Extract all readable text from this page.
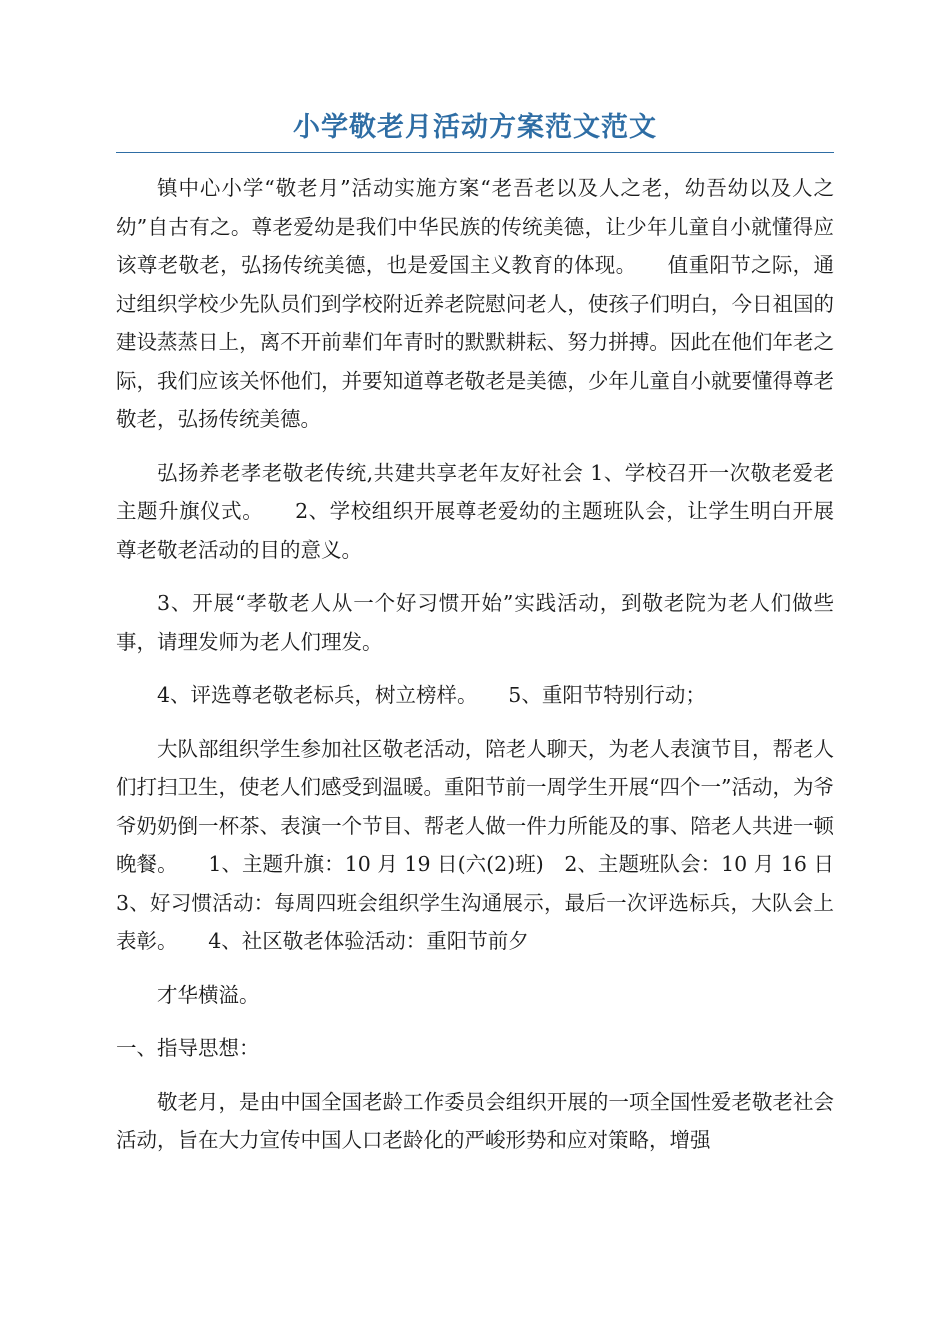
小学敬老月活动方案范文范文

镇中心小学“敬老月”活动实施方案“老吾老以及人之老，幼吾幼以及人之幼”自古有之。尊老爱幼是我们中华民族的传统美德，让少年儿童自小就懂得应该尊老敬老，弘扬传统美德，也是爱国主义教育的体现。　　值重阳节之际，通过组织学校少先队员们到学校附近养老院慰问老人，使孩子们明白，今日祖国的建设蒸蒸日上，离不开前辈们年青时的默默耕耘、努力拼搏。因此在他们年老之际，我们应该关怀他们，并要知道尊老敬老是美德，少年儿童自小就要懂得尊老敬老，弘扬传统美德。

弘扬养老孝老敬老传统,共建共享老年友好社会 1、学校召开一次敬老爱老主题升旗仪式。　　2、学校组织开展尊老爱幼的主题班队会，让学生明白开展尊老敬老活动的目的意义。

3、开展“孝敬老人从一个好习惯开始”实践活动，到敬老院为老人们做些事，请理发师为老人们理发。

4、评选尊老敬老标兵，树立榜样。　　5、重阳节特别行动；

大队部组织学生参加社区敬老活动，陪老人聊天，为老人表演节目，帮老人们打扫卫生，使老人们感受到温暖。重阳节前一周学生开展“四个一”活动，为爷爷奶奶倒一杯茶、表演一个节目、帮老人做一件力所能及的事、陪老人共进一顿晚餐。　　1、主题升旗：10 月 19 日(六(2)班)　2、主题班队会：10 月 16 日　　3、好习惯活动：每周四班会组织学生沟通展示，最后一次评选标兵，大队会上表彰。　　4、社区敬老体验活动：重阳节前夕

才华横溢。

一、指导思想：

敬老月，是由中国全国老龄工作委员会组织开展的一项全国性爱老敬老社会活动，旨在大力宣传中国人口老龄化的严峻形势和应对策略，增强
